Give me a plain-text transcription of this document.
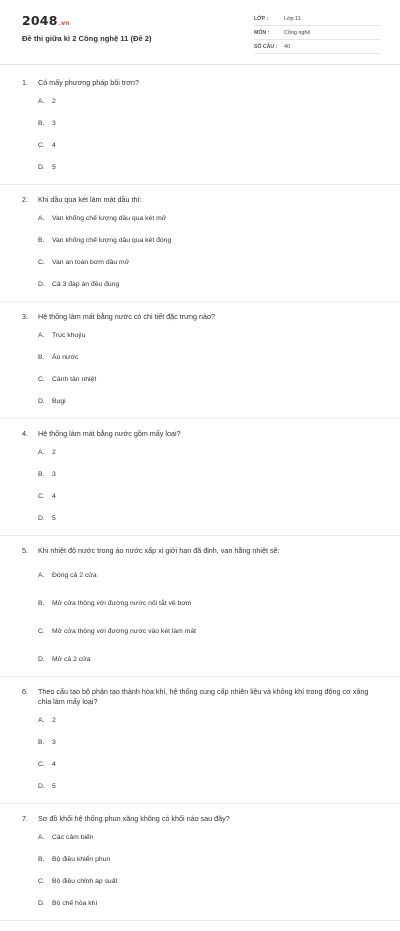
2048.vn
Đề thi giữa kì 2 Công nghệ 11 (Đề 2)
LỚP :	Lớp 11
MÔN :	Công nghệ
SỐ CÂU : 40
1.	Có mấy phương pháp bôi trơn?
A.	2
B.	3
C.	4
D.	5
2.	Khi dầu qua két làm mát dầu thì:
A.	Van khống chế lượng dầu qua két mở
B.	Van khống chế lượng dầu qua két đóng
C.	Van an toàn bơm dầu mở
D.	Cả 3 đáp án đều đúng
3.	Hệ thống làm mát bằng nước có chi tiết đặc trưng nào?
A.	Trục khuỷu
B.	Áo nước
C.	Cánh tản nhiệt
D.	Bugi
4.	Hệ thống làm mát bằng nước gồm mấy loại?
A.	2
B.	3
C.	4
D.	5
5.	Khi nhiệt độ nước trong áo nước xấp xỉ giới hạn đã định, van hằng nhiệt sẽ:
A.	Đóng cả 2 cửa
B.	Mở cửa thông với đường nước nối tắt về bơm
C.	Mở cửa thông với đường nước vào két làm mát
D.	Mở cả 2 cửa
6.	Theo cấu tạo bộ phận tạo thành hòa khí, hệ thống cung cấp nhiên liệu và không khí trong động cơ xăng chia làm mấy loại?
A.	2
B.	3
C.	4
D.	5
7.	Sơ đồ khối hệ thống phun xăng không có khối nào sau đây?
A.	Các cảm biến
B.	Bộ điều khiển phun
C.	Bộ điều chỉnh áp suất
D.	Bộ chế hòa khí
